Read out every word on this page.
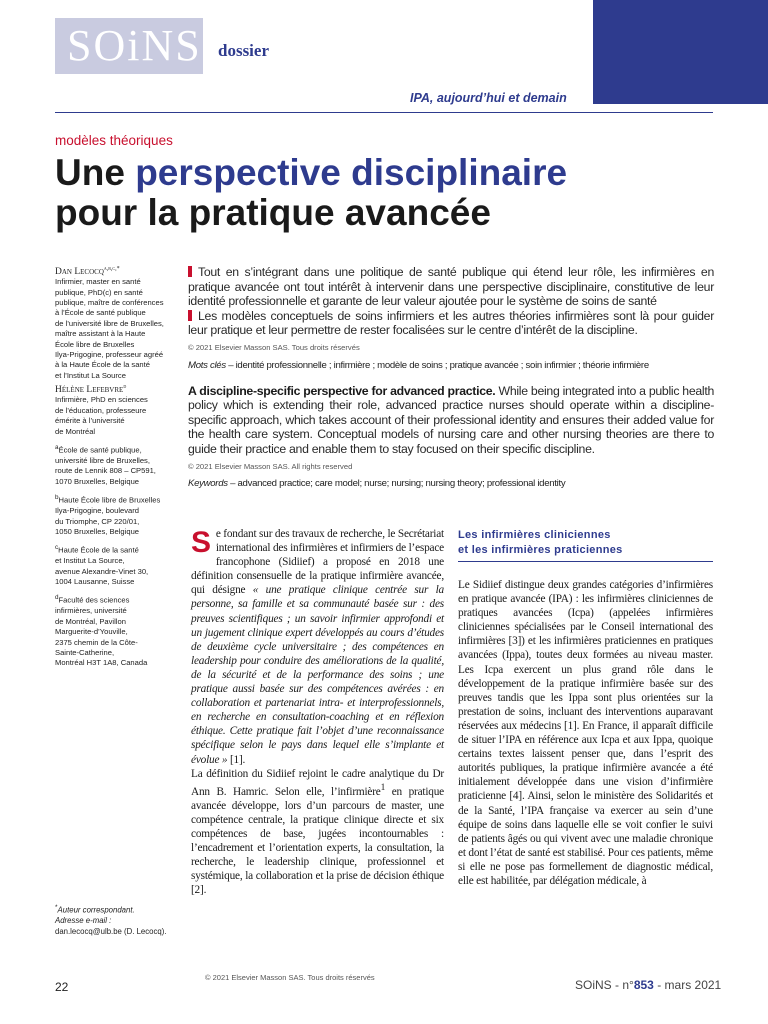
SOiNS dossier
IPA, aujourd’hui et demain
modèles théoriques
Une perspective disciplinaire
pour la pratique avancée
Dan Lecocq$^{a,b,c,*}$
Infirmier, master en santé
publique, PhD(c) en santé
publique, maître de conférences
à l’École de santé publique
de l’université libre de Bruxelles,
maître assistant à la Haute
École libre de Bruxelles
Ilya-Prigogine, professeur agréé
à la Haute École de la santé
et l’Institut La Source
Hélène Lefebvre$^d$
Infirmière, PhD en sciences
de l’éducation, professeure
émérite à l’université
de Montréal
$^a$École de santé publique,
université libre de Bruxelles,
route de Lennik 808 – CP591,
1070 Bruxelles, Belgique
$^b$Haute École libre de Bruxelles
Ilya-Prigogine, boulevard
du Triomphe, CP 220/01,
1050 Bruxelles, Belgique
$^c$Haute École de la santé
et Institut La Source,
avenue Alexandre-Vinet 30,
1004 Lausanne, Suisse
$^d$Faculté des sciences
infirmières, université
de Montréal, Pavillon
Marguerite-d’Youville,
2375 chemin de la Côte-
Sainte-Catherine,
Montréal H3T 1A8, Canada
*Auteur correspondant.
Adresse e-mail :
dan.lecocq@ulb.be (D. Lecocq).
Tout en s’intégrant dans une politique de santé publique qui étend leur rôle, les infirmières en pratique avancée ont tout intérêt à intervenir dans une perspective disciplinaire, constitutive de leur identité professionnelle et garante de leur valeur ajoutée pour le système de soins de santé
Les modèles conceptuels de soins infirmiers et les autres théories infirmières sont là pour guider leur pratique et leur permettre de rester focalisées sur le centre d’intérêt de la discipline.
© 2021 Elsevier Masson SAS. Tous droits réservés
Mots clés – identité professionnelle ; infirmière ; modèle de soins ; pratique avancée ; soin infirmier ; théorie infirmière
A discipline-specific perspective for advanced practice. While being integrated into a public health policy which is extending their role, advanced practice nurses should operate within a discipline-specific approach, which takes account of their professional identity and ensures their added value for the health care system. Conceptual models of nursing care and other nursing theories are there to guide their practice and enable them to stay focused on their specific discipline.
© 2021 Elsevier Masson SAS. All rights reserved
Keywords – advanced practice; care model; nurse; nursing; nursing theory; professional identity
S e fondant sur des travaux de recherche, le Secrétariat international des infirmières et infirmiers de l’espace francophone (Sidiief) a proposé en 2018 une définition consensuelle de la pratique infirmière avancée, qui désigne « une pratique clinique centrée sur la personne, sa famille et sa communauté basée sur : des preuves scientifiques ; un savoir infirmier approfondi et un jugement clinique expert développés au cours d’études de deuxième cycle universitaire ; des compétences en leadership pour conduire des améliorations de la qualité, de la sécurité et de la performance des soins ; une pratique aussi basée sur des compétences avérées : en collaboration et partenariat intra- et interprofessionnels, en recherche en consultation-coaching et en réflexion éthique. Cette pratique fait l’objet d’une reconnaissance spécifique selon le pays dans lequel elle s’implante et évolue » [1].
La définition du Sidiief rejoint le cadre analytique du Dr Ann B. Hamric. Selon elle, l’infirmière$^1$ en pratique avancée développe, lors d’un parcours de master, une compétence centrale, la pratique clinique directe et six compétences de base, jugées incontournables : l’encadrement et l’orientation experts, la consultation, la recherche, le leadership clinique, professionnel et systémique, la collaboration et la prise de décision éthique [2].
Les infirmières cliniciennes
et les infirmières praticiennes
Le Sidiief distingue deux grandes catégories d’infirmières en pratique avancée (IPA) : les infirmières cliniciennes de pratiques avancées (Icpa) (appelées infirmières cliniciennes spécialisées par le Conseil international des infirmières [3]) et les infirmières praticiennes en pratiques avancées (Ippa), toutes deux formées au niveau master. Les Icpa exercent un plus grand rôle dans le développement de la pratique infirmière basée sur des preuves tandis que les Ippa sont plus orientées sur la prestation de soins, incluant des interventions auparavant réservées aux médecins [1]. En France, il apparaît difficile de situer l’IPA en référence aux Icpa et aux Ippa, quoique certains textes laissent penser que, dans l’esprit des autorités publiques, la pratique infirmière avancée a été initialement développée dans une vision d’infirmière praticienne [4]. Ainsi, selon le ministère des Solidarités et de la Santé, l’IPA française va exercer au sein d’une équipe de soins dans laquelle elle se voit confier le suivi de patients âgés ou qui vivent avec une maladie chronique et dont l’état de santé est stabilisé. Pour ces patients, même si elle ne pose pas formellement de diagnostic médical, elle est habilitée, par délégation médicale, à
© 2021 Elsevier Masson SAS. Tous droits réservés
22	SOiNS - n°853 - mars 2021
